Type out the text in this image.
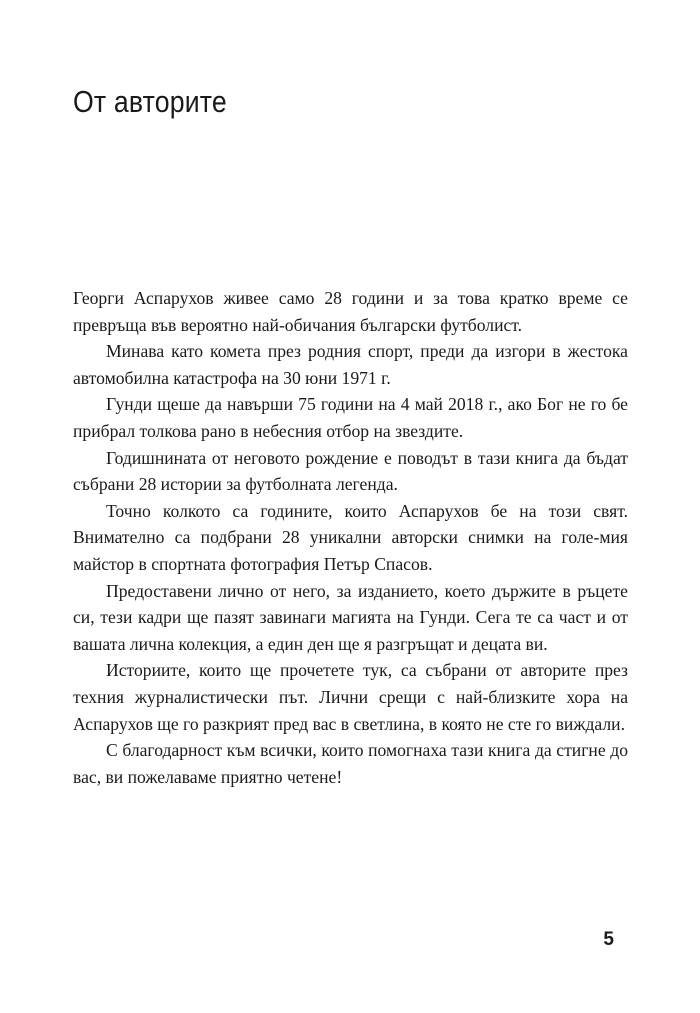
От авторите

Георги Аспарухов живее само 28 години и за това кратко време се превръща във вероятно най-обичания български футболист.

Минава като комета през родния спорт, преди да изгори в жестока автомобилна катастрофа на 30 юни 1971 г.

Гунди щеше да навърши 75 години на 4 май 2018 г., ако Бог не го бе прибрал толкова рано в небесния отбор на звездите.

Годишнината от неговото рождение е поводът в тази книга да бъдат събрани 28 истории за футболната легенда.

Точно колкото са годините, които Аспарухов бе на този свят. Внимателно са подбрани 28 уникални авторски снимки на голе-мия майстор в спортната фотография Петър Спасов.

Предоставени лично от него, за изданието, което държите в ръцете си, тези кадри ще пазят завинаги магията на Гунди. Сега те са част и от вашата лична колекция, а един ден ще я разгръщат и децата ви.

Историите, които ще прочетете тук, са събрани от авторите през техния журналистически път. Лични срещи с най-близките хора на Аспарухов ще го разкрият пред вас в светлина, в която не сте го виждали.

С благодарност към всички, които помогнаха тази книга да стигне до вас, ви пожелаваме приятно четене!

5
